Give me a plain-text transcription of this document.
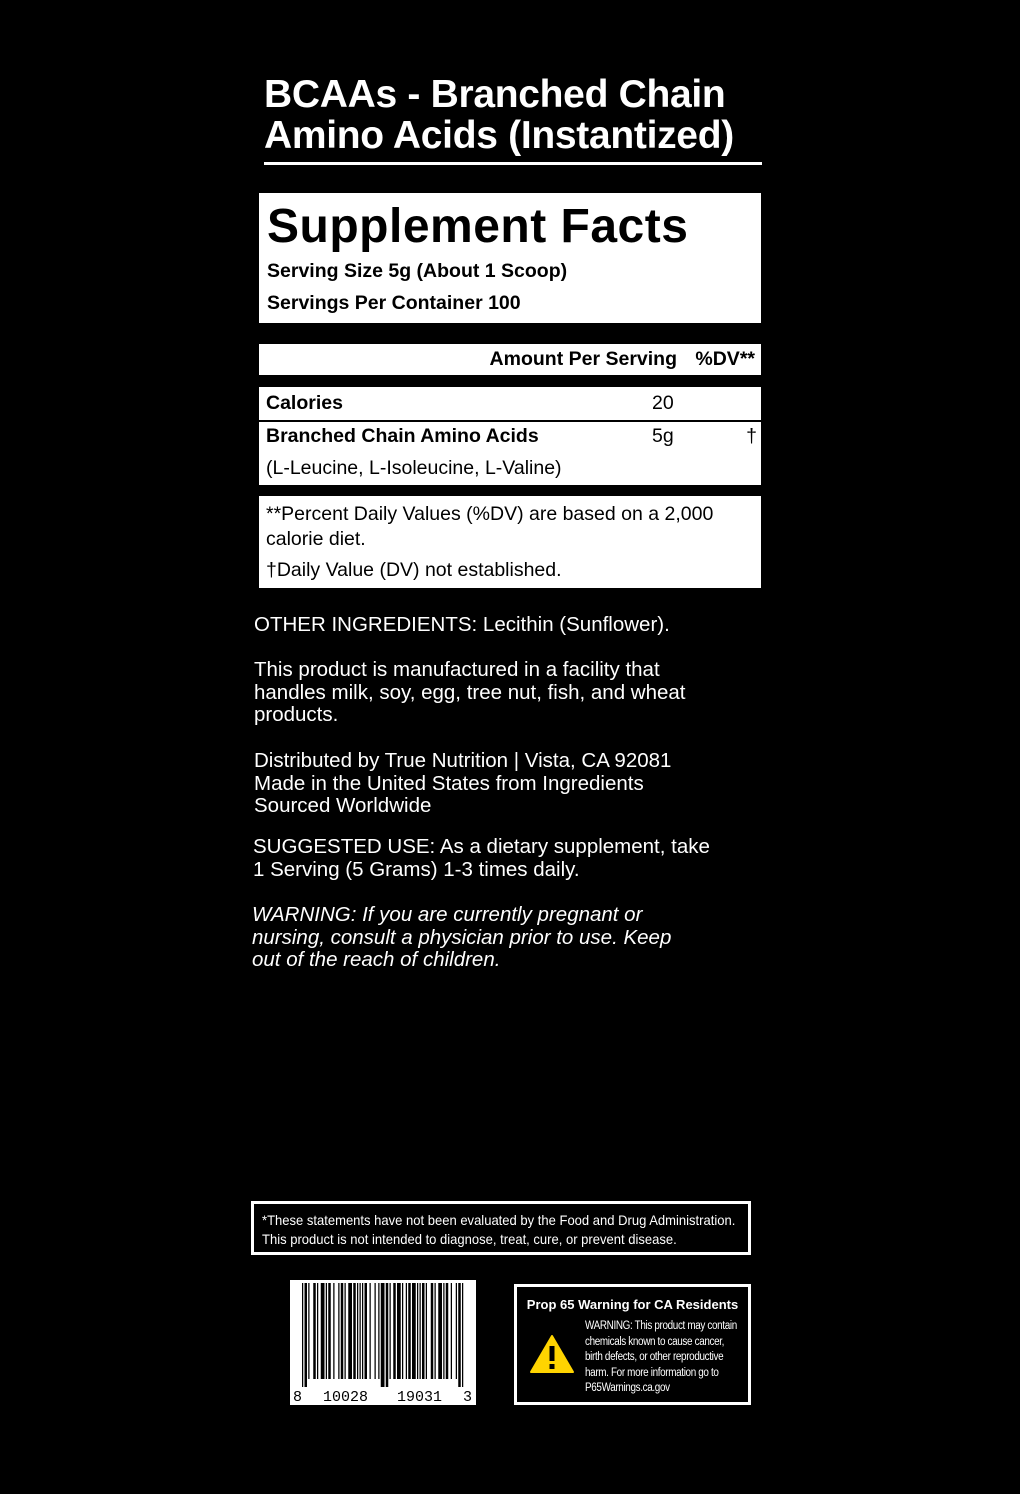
BCAAs - Branched Chain
Amino Acids (Instantized)
Supplement Facts
Serving Size 5g (About 1 Scoop)
Servings Per Container 100
Amount Per Serving %DV**
Calories	20
Branched Chain Amino Acids	5g	†
(L-Leucine, L-Isoleucine, L-Valine)
**Percent Daily Values (%DV) are based on a 2,000
calorie diet.
†Daily Value (DV) not established.

OTHER INGREDIENTS: Lecithin (Sunflower).

This product is manufactured in a facility that

handles milk, soy, egg, tree nut, fish, and wheat

products.

Distributed by True Nutrition | Vista, CA 92081

Made in the United States from Ingredients

Sourced Worldwide

SUGGESTED USE: As a dietary supplement, take

1 Serving (5 Grams) 1-3 times daily.

WARNING: If you are currently pregnant or

nursing, consult a physician prior to use. Keep

out of the reach of children.

*These statements have not been evaluated by the Food and Drug Administration.
This product is not intended to diagnose, treat, cure, or prevent disease.
8 10028 19031 3
Prop 65 Warning for CA Residents
WARNING: This product may contain
chemicals known to cause cancer,
birth defects, or other reproductive
harm. For more information go to
P65Warnings.ca.gov
